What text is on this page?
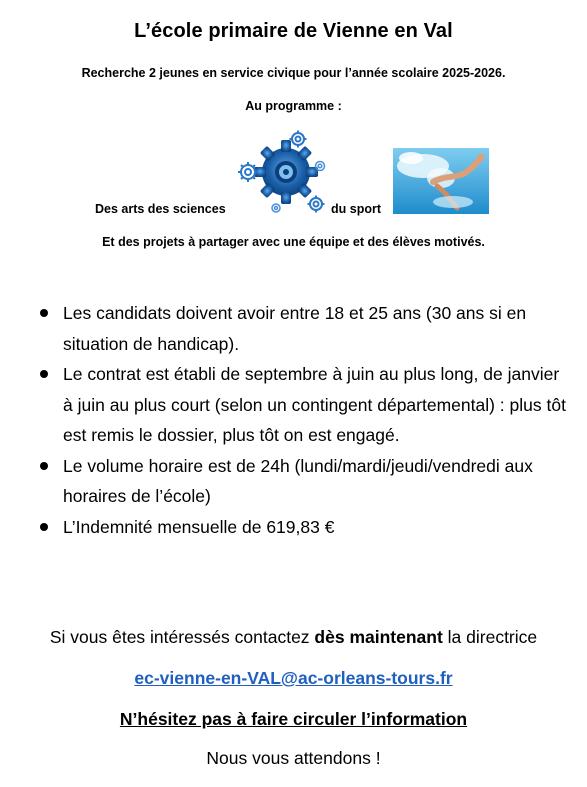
L’école primaire de Vienne en Val
Recherche 2 jeunes en service civique pour l’année scolaire 2025-2026.
Au programme :
Des arts des sciences	du sport
Et des projets à partager avec une équipe et des élèves motivés.
Les candidats doivent avoir entre 18 et 25 ans (30 ans si en situation de handicap).
Le contrat est établi de septembre à juin au plus long, de janvier à juin au plus court (selon un contingent départemental) : plus tôt est remis le dossier, plus tôt on est engagé.
Le volume horaire est de 24h (lundi/mardi/jeudi/vendredi aux horaires de l’école)
L’Indemnité mensuelle de 619,83 €
Si vous êtes intéressés contactez dès maintenant la directrice
ec-vienne-en-VAL@ac-orleans-tours.fr
N’hésitez pas à faire circuler l’information
Nous vous attendons !
